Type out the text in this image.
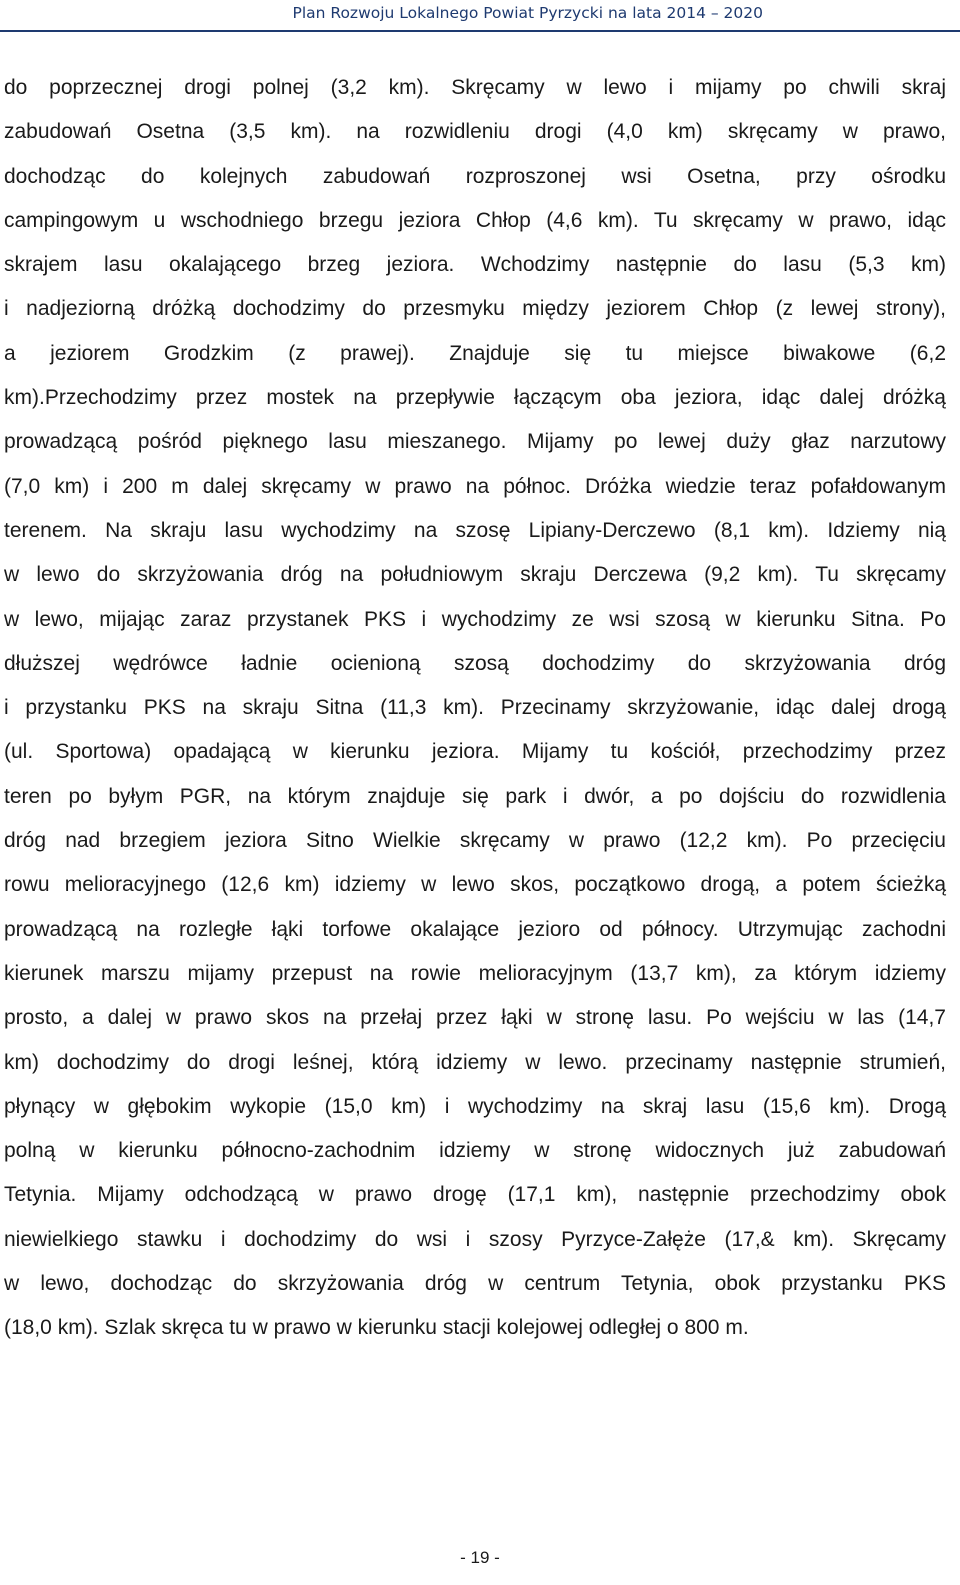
Plan Rozwoju Lokalnego Powiat Pyrzycki na lata 2014 – 2020
do poprzecznej drogi polnej (3,2 km). Skręcamy w lewo i mijamy po chwili skraj
zabudowań Osetna (3,5 km). na rozwidleniu drogi (4,0 km) skręcamy w prawo,
dochodząc do kolejnych zabudowań rozproszonej wsi Osetna, przy ośrodku
campingowym u wschodniego brzegu jeziora Chłop (4,6 km). Tu skręcamy w prawo, idąc
skrajem lasu okalającego brzeg jeziora. Wchodzimy następnie do lasu (5,3 km)
i nadjeziorną dróżką dochodzimy do przesmyku między jeziorem Chłop (z lewej strony),
a jeziorem Grodzkim (z prawej). Znajduje się tu miejsce biwakowe (6,2
km).Przechodzimy przez mostek na przepływie łączącym oba jeziora, idąc dalej dróżką
prowadzącą pośród pięknego lasu mieszanego. Mijamy po lewej duży głaz narzutowy
(7,0 km) i 200 m dalej skręcamy w prawo na północ. Dróżka wiedzie teraz pofałdowanym
terenem. Na skraju lasu wychodzimy na szosę Lipiany-Derczewo (8,1 km). Idziemy nią
w lewo do skrzyżowania dróg na południowym skraju Derczewa (9,2 km). Tu skręcamy
w lewo, mijając zaraz przystanek PKS i wychodzimy ze wsi szosą w kierunku Sitna. Po
dłuższej wędrówce ładnie ocienioną szosą dochodzimy do skrzyżowania dróg
i przystanku PKS na skraju Sitna (11,3 km). Przecinamy skrzyżowanie, idąc dalej drogą
(ul. Sportowa) opadającą w kierunku jeziora. Mijamy tu kościół, przechodzimy przez
teren po byłym PGR, na którym znajduje się park i dwór, a po dojściu do rozwidlenia
dróg nad brzegiem jeziora Sitno Wielkie skręcamy w prawo (12,2 km). Po przecięciu
rowu melioracyjnego (12,6 km) idziemy w lewo skos, początkowo drogą, a potem ścieżką
prowadzącą na rozległe łąki torfowe okalające jezioro od północy. Utrzymując zachodni
kierunek marszu mijamy przepust na rowie melioracyjnym (13,7 km), za którym idziemy
prosto, a dalej w prawo skos na przełaj przez łąki w stronę lasu. Po wejściu w las (14,7
km) dochodzimy do drogi leśnej, którą idziemy w lewo. przecinamy następnie strumień,
płynący w głębokim wykopie (15,0 km) i wychodzimy na skraj lasu (15,6 km). Drogą
polną w kierunku północno-zachodnim idziemy w stronę widocznych już zabudowań
Tetynia. Mijamy odchodzącą w prawo drogę (17,1 km), następnie przechodzimy obok
niewielkiego stawku i dochodzimy do wsi i szosy Pyrzyce-Załęże (17,& km). Skręcamy
w lewo, dochodząc do skrzyżowania dróg w centrum Tetynia, obok przystanku PKS
(18,0 km). Szlak skręca tu w prawo w kierunku stacji kolejowej odległej o 800 m.
- 19 -
